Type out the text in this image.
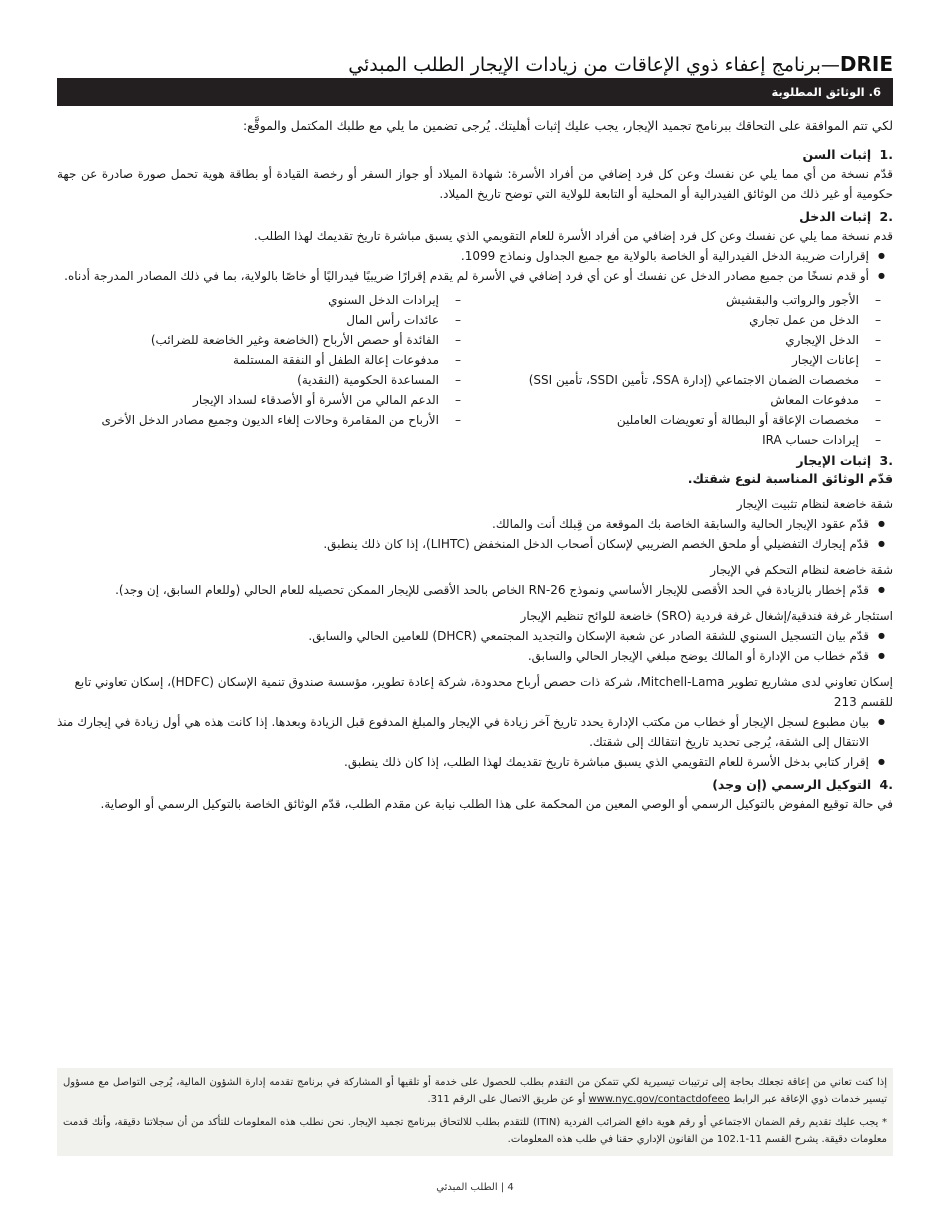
DRIE—برنامج إعفاء ذوي الإعاقات من زيادات الإيجار الطلب المبدئي
6. الوثائق المطلوبة

لكي تتم الموافقة على التحاقك ببرنامج تجميد الإيجار، يجب عليك إثبات أهليتك. يُرجى تضمين ما يلي مع طلبك المكتمل والموقَّع:

1. إثبات السن

قدّم نسخة من أي مما يلي عن نفسك وعن كل فرد إضافي من أفراد الأسرة: شهادة الميلاد أو جواز السفر أو رخصة القيادة أو بطاقة هوية تحمل صورة صادرة عن جهة حكومية أو غير ذلك من الوثائق الفيدرالية أو المحلية أو التابعة للولاية التي توضح تاريخ الميلاد.

2. إثبات الدخل

قدم نسخة مما يلي عن نفسك وعن كل فرد إضافي من أفراد الأسرة للعام التقويمي الذي يسبق مباشرة تاريخ تقديمك لهذا الطلب.

● إقرارات ضريبة الدخل الفيدرالية أو الخاصة بالولاية مع جميع الجداول ونماذج 1099.
● أو قدم نسخًا من جميع مصادر الدخل عن نفسك أو عن أي فرد إضافي في الأسرة لم يقدم إقرارًا ضريبيًا فيدراليًا أو خاصًا بالولاية، بما في ذلك المصادر المدرجة أدناه.
– الأجور والرواتب والبقشيش
– الدخل من عمل تجاري
– الدخل الإيجاري
– إعانات الإيجار
– مخصصات الضمان الاجتماعي (إدارة SSA، تأمين SSDI، تأمين SSI)
– مدفوعات المعاش
– مخصصات الإعاقة أو البطالة أو تعويضات العاملين
– إيرادات حساب IRA
– إيرادات الدخل السنوي
– عائدات رأس المال
– الفائدة أو حصص الأرباح (الخاضعة وغير الخاضعة للضرائب)
– مدفوعات إعالة الطفل أو النفقة المستلمة
– المساعدة الحكومية (النقدية)
– الدعم المالي من الأسرة أو الأصدقاء لسداد الإيجار
– الأرباح من المقامرة وحالات إلغاء الديون وجميع مصادر الدخل الأخرى
3. إثبات الإيجار
قدّم الوثائق المناسبة لنوع شقتك.
شقة خاضعة لنظام تثبيت الإيجار
● قدّم عقود الإيجار الحالية والسابقة الخاصة بك الموقعة من قِبلك أنت والمالك.
● قدّم إيجارك التفضيلي أو ملحق الخصم الضريبي لإسكان أصحاب الدخل المنخفض (LIHTC)، إذا كان ذلك ينطبق.
شقة خاضعة لنظام التحكم في الإيجار
● قدّم إخطار بالزيادة في الحد الأقصى للإيجار الأساسي ونموذج RN-26 الخاص بالحد الأقصى للإيجار الممكن تحصيله للعام الحالي (وللعام السابق، إن وجد).
استئجار غرفة فندقية/إشغال غرفة فردية (SRO) خاضعة للوائح تنظيم الإيجار
● قدّم بيان التسجيل السنوي للشقة الصادر عن شعبة الإسكان والتجديد المجتمعي (DHCR) للعامين الحالي والسابق.
● قدّم خطاب من الإدارة أو المالك يوضح مبلغي الإيجار الحالي والسابق.
إسكان تعاوني لدى مشاريع تطوير Mitchell-Lama، شركة ذات حصص أرباح محدودة، شركة إعادة تطوير، مؤسسة صندوق تنمية الإسكان (HDFC)، إسكان تعاوني تابع للقسم 213
● بيان مطبوع لسجل الإيجار أو خطاب من مكتب الإدارة يحدد تاريخ آخر زيادة في الإيجار والمبلغ المدفوع قبل الزيادة وبعدها. إذا كانت هذه هي أول زيادة في إيجارك منذ الانتقال إلى الشقة، يُرجى تحديد تاريخ انتقالك إلى شقتك.
● إقرار كتابي بدخل الأسرة للعام التقويمي الذي يسبق مباشرة تاريخ تقديمك لهذا الطلب، إذا كان ذلك ينطبق.
4. التوكيل الرسمي (إن وجد)

في حالة توقيع المفوض بالتوكيل الرسمي أو الوصي المعين من المحكمة على هذا الطلب نيابة عن مقدم الطلب، قدّم الوثائق الخاصة بالتوكيل الرسمي أو الوصاية.

إذا كنت تعاني من إعاقة تجعلك بحاجة إلى ترتيبات تيسيرية لكي تتمكن من التقدم بطلب للحصول على خدمة أو تلقيها أو المشاركة في برنامج تقدمه إدارة الشؤون المالية، يُرجى التواصل مع مسؤول تيسير خدمات ذوي الإعاقة عبر الرابط www.nyc.gov/contactdofeeo أو عن طريق الاتصال على الرقم 311.

* يجب عليك تقديم رقم الضمان الاجتماعي أو رقم هوية دافع الضرائب الفردية (ITIN) للتقدم بطلب للالتحاق ببرنامج تجميد الإيجار. نحن نطلب هذه المعلومات للتأكد من أن سجلاتنا دقيقة، وأنك قدمت معلومات دقيقة. يشرح القسم 11-102.1 من القانون الإداري حقنا في طلب هذه المعلومات.

4 | الطلب المبدئي
